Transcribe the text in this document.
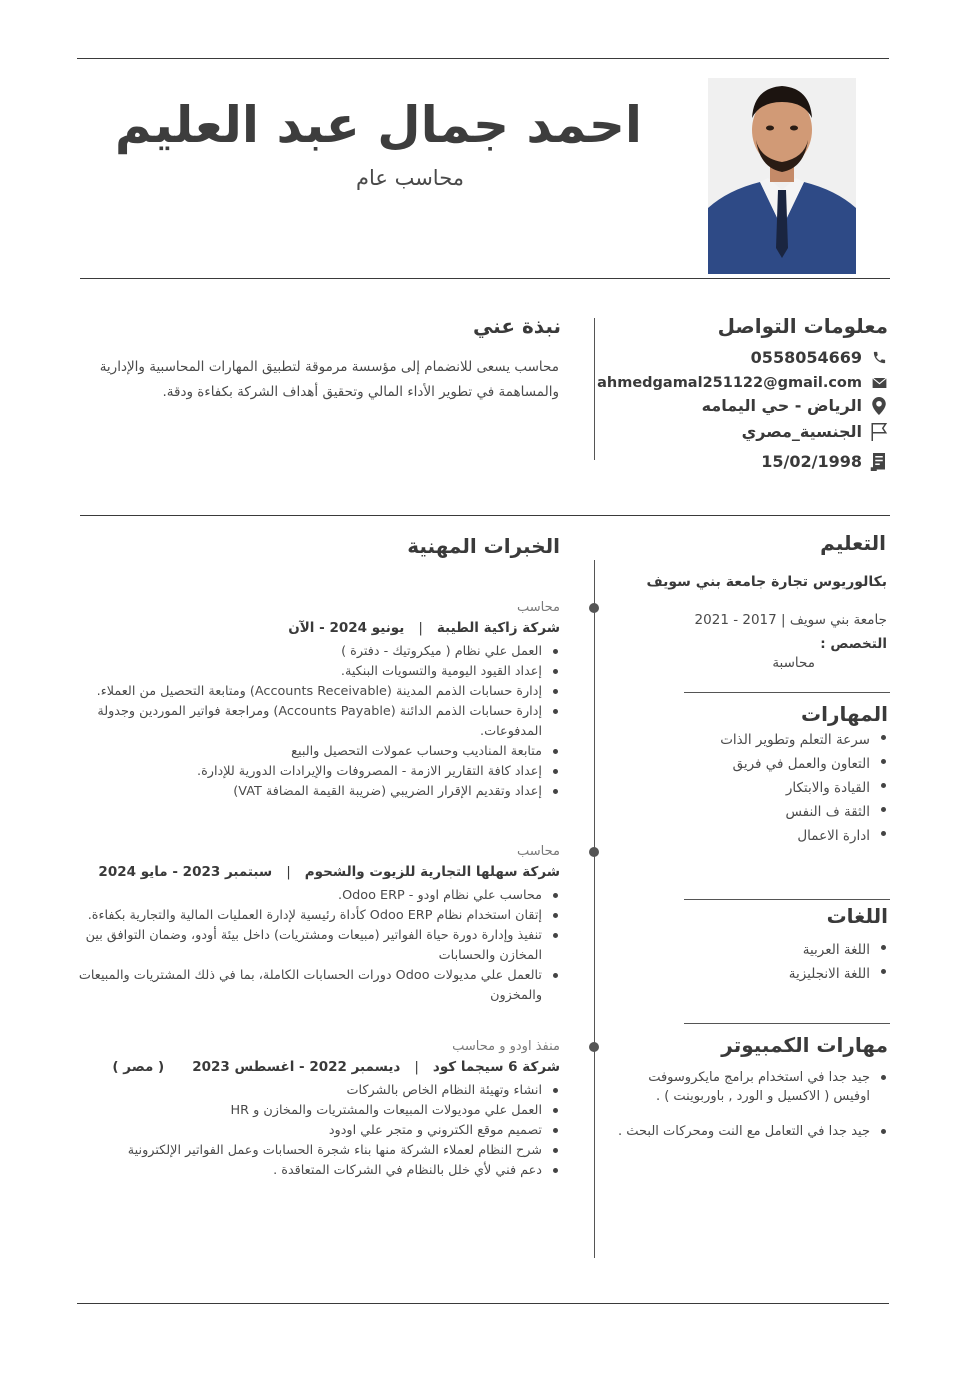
احمد جمال عبد العليم
محاسب عام
معلومات التواصل
0558054669
ahmedgamal251122@gmail.com
الرياض - حي اليمامه
الجنسية_مصري
15/02/1998
نبذة عني
محاسب يسعى للانضمام إلى مؤسسة مرموقة لتطبيق المهارات المحاسبية والإدارية
والمساهمة في تطوير الأداء المالي وتحقيق أهداف الشركة بكفاءة ودقة.
التعليم
بكالوريوس تجارة جامعة بني سويف
جامعة بني سويف | 2017 - 2021
التخصص :
محاسبة
المهارات
سرعة التعلم وتطوير الذات
التعاون والعمل في فريق
القيادة والابتكار
الثقة ف النفس
ادارة الاعمال
اللغات
اللغة العربية
اللغة الانجليزية
مهارات الكمبيوتر
جيد جدا في استخدام برامج مايكروسوفت
اوفيس ( الاكسيل و الورد , باوربوينت ) .
جيد جدا في التعامل مع النت ومحركات البحث .
الخبرات المهنية
محاسب
شركة زاكية الطيبة|يونيو 2024 - الآن
العمل علي نظام ( ميكروتيك - دفترة )
إعداد القيود اليومية والتسويات البنكية.
إدارة حسابات الذمم المدينة (Accounts Receivable) ومتابعة التحصيل من العملاء.
إدارة حسابات الذمم الدائنة (Accounts Payable) ومراجعة فواتير الموردين وجدولة المدفوعات.
متابعة المناديب وحساب عمولات التحصيل والبيع
إعداد كافة التقارير الازمة - المصروفات والإيرادات الدورية للإدارة.
إعداد وتقديم الإقرار الضريبي (ضريبة القيمة المضافة VAT)
محاسب
شركة سهلها التجارية للزيوت والشحوم|سبتمبر 2023 - مايو 2024
محاسب علي نظام اودو - Odoo ERP.
إتقان استخدام نظام Odoo ERP كأداة رئيسية لإدارة العمليات المالية والتجارية بكفاءة.
تنفيذ وإدارة دورة حياة الفواتير (مبيعات ومشتريات) داخل بيئة أودو، وضمان التوافق بين المخازن والحسابات
تالعمل علي مديولات Odoo دورات الحسابات الكاملة، بما في ذلك المشتريات والمبيعات والمخزون
منفذ اودو و محاسب
شركة 6 سيجما كود|ديسمبر 2022 - اغسطس 2023( مصر )
انشاء وتهيئة النظام الخاص بالشركات
العمل علي موديولات المبيعات والمشتريات والمخازن و HR
تصميم موقع الكتروني و متجر علي اودود
شرح النظام لعملاء الشركة منها بناء شجرة الحسابات وعمل الفواتير الإلكترونية
دعم فني لأي خلل بالنظام في الشركات المتعاقدة .
